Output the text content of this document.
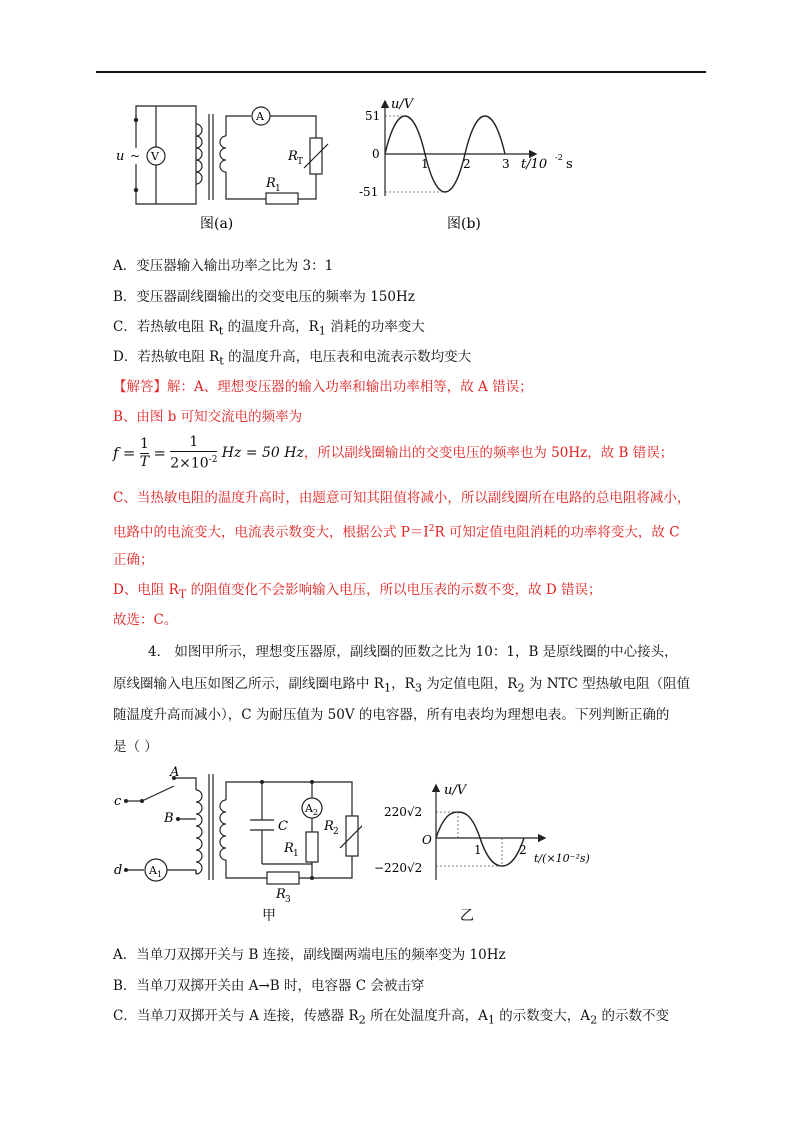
u ~ V
A
R T
R 1
图(a)
u/V
51
0
-51
1	2	3 t/10 -2 s
图(b)
A．变压器输入输出功率之比为 3：1
B．变压器副线圈输出的交变电压的频率为 150Hz
C．若热敏电阻 $R_t$ 的温度升高，$R_1$ 消耗的功率变大
D．若热敏电阻 $R_t$ 的温度升高，电压表和电流表示数均变大
【解答】解：A、理想变压器的输入功率和输出功率相等，故 A 错误；
B、由图 b 可知交流电的频率为
$f = \frac{1}{T} = \frac{1}{2\times 10^{-2}}$ Hz = 50 Hz，所以副线圈输出的交变电压的频率也为 50Hz，故 B 错误；
C、当热敏电阻的温度升高时，由题意可知其阻值将减小，所以副线圈所在电路的总电阻将减小，
电路中的电流变大，电流表示数变大，根据公式 $P=I^2R$ 可知定值电阻消耗的功率将变大，故 C
正确；
D、电阻 $R_T$ 的阻值变化不会影响输入电压，所以电压表的示数不变，故 D 错误；
故选：C。
4． 如图甲所示，理想变压器原，副线圈的匝数之比为 10：1，B 是原线圈的中心接头，
原线圈输入电压如图乙所示，副线圈电路中 $R_1$，$R_3$ 为定值电阻，$R_2$ 为 NTC 型热敏电阻（阻值
随温度升高而减小），C 为耐压值为 50V 的电容器，所有电表均为理想电表。下列判断正确的
是（ ）
c
d
A
B
A 1
C
A 2
R 1
R 2
R 3
甲
u/V
220√2
O
−220√2
1	2
t/(×10⁻²s)
乙
A．当单刀双掷开关与 B 连接，副线圈两端电压的频率变为 10Hz
B．当单刀双掷开关由 A→B 时，电容器 C 会被击穿
C．当单刀双掷开关与 A 连接，传感器 $R_2$ 所在处温度升高，$A_1$ 的示数变大，$A_2$ 的示数不变
